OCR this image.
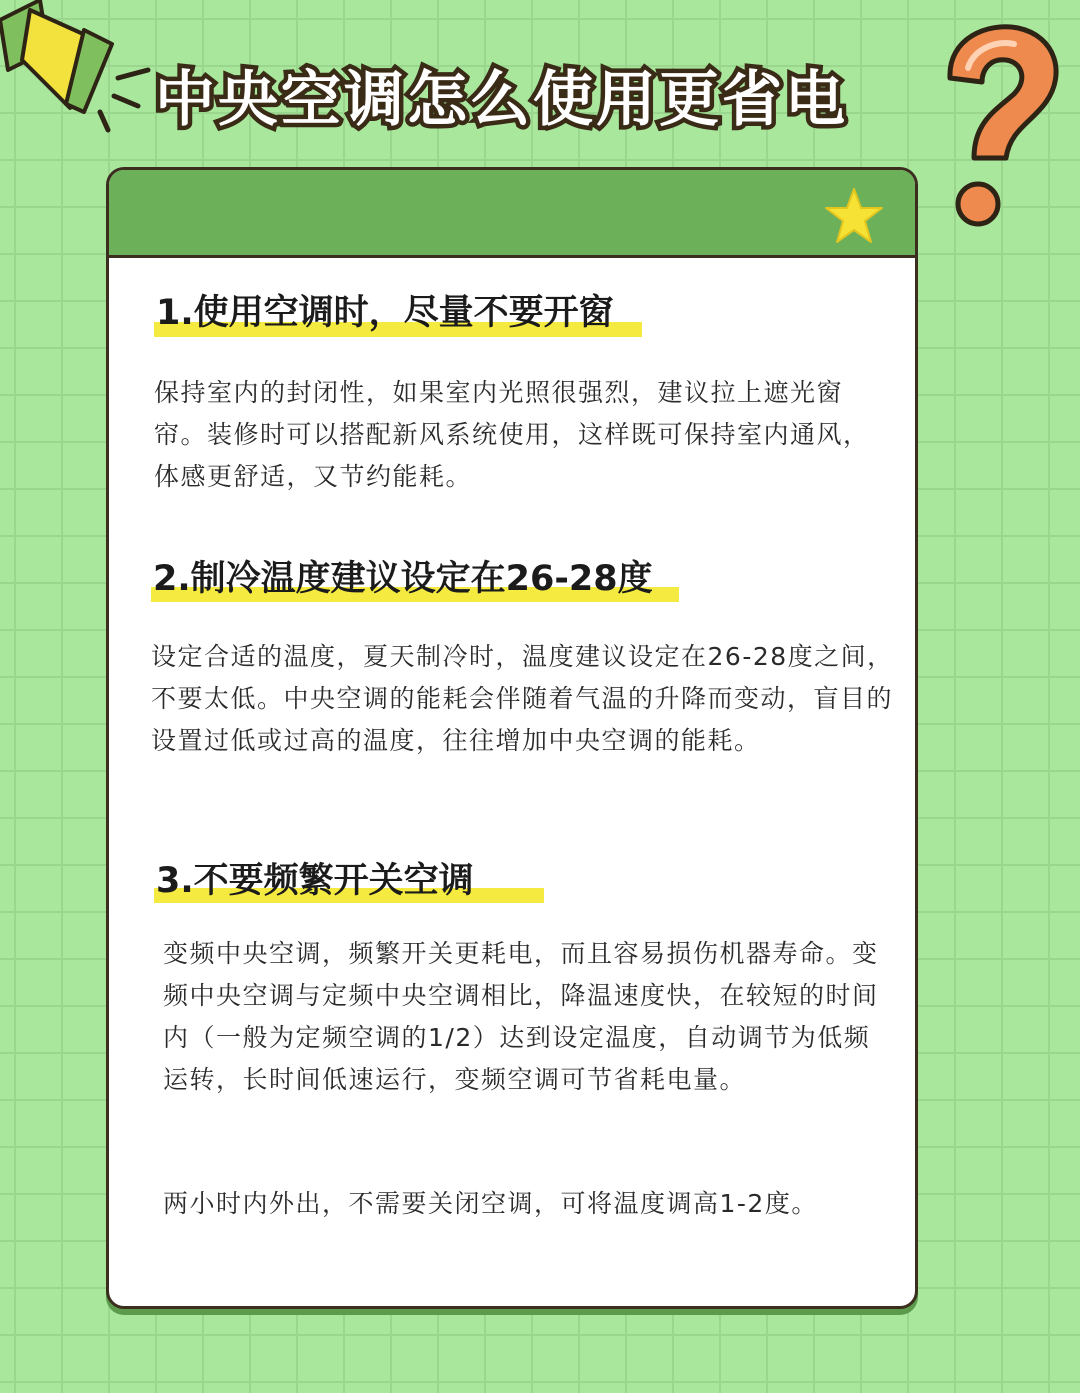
中央空调怎么使用更省电
1.使用空调时，尽量不要开窗

保持室内的封闭性，如果室内光照很强烈，建议拉上遮光窗帘。装修时可以搭配新风系统使用，这样既可保持室内通风，体感更舒适，又节约能耗。

2.制冷温度建议设定在26-28度

设定合适的温度，夏天制冷时，温度建议设定在26-28度之间，不要太低。中央空调的能耗会伴随着气温的升降而变动，盲目的设置过低或过高的温度，往往增加中央空调的能耗。

3.不要频繁开关空调

变频中央空调，频繁开关更耗电，而且容易损伤机器寿命。变频中央空调与定频中央空调相比，降温速度快，在较短的时间内（一般为定频空调的1/2）达到设定温度，自动调节为低频运转，长时间低速运行，变频空调可节省耗电量。

两小时内外出，不需要关闭空调，可将温度调高1-2度。
